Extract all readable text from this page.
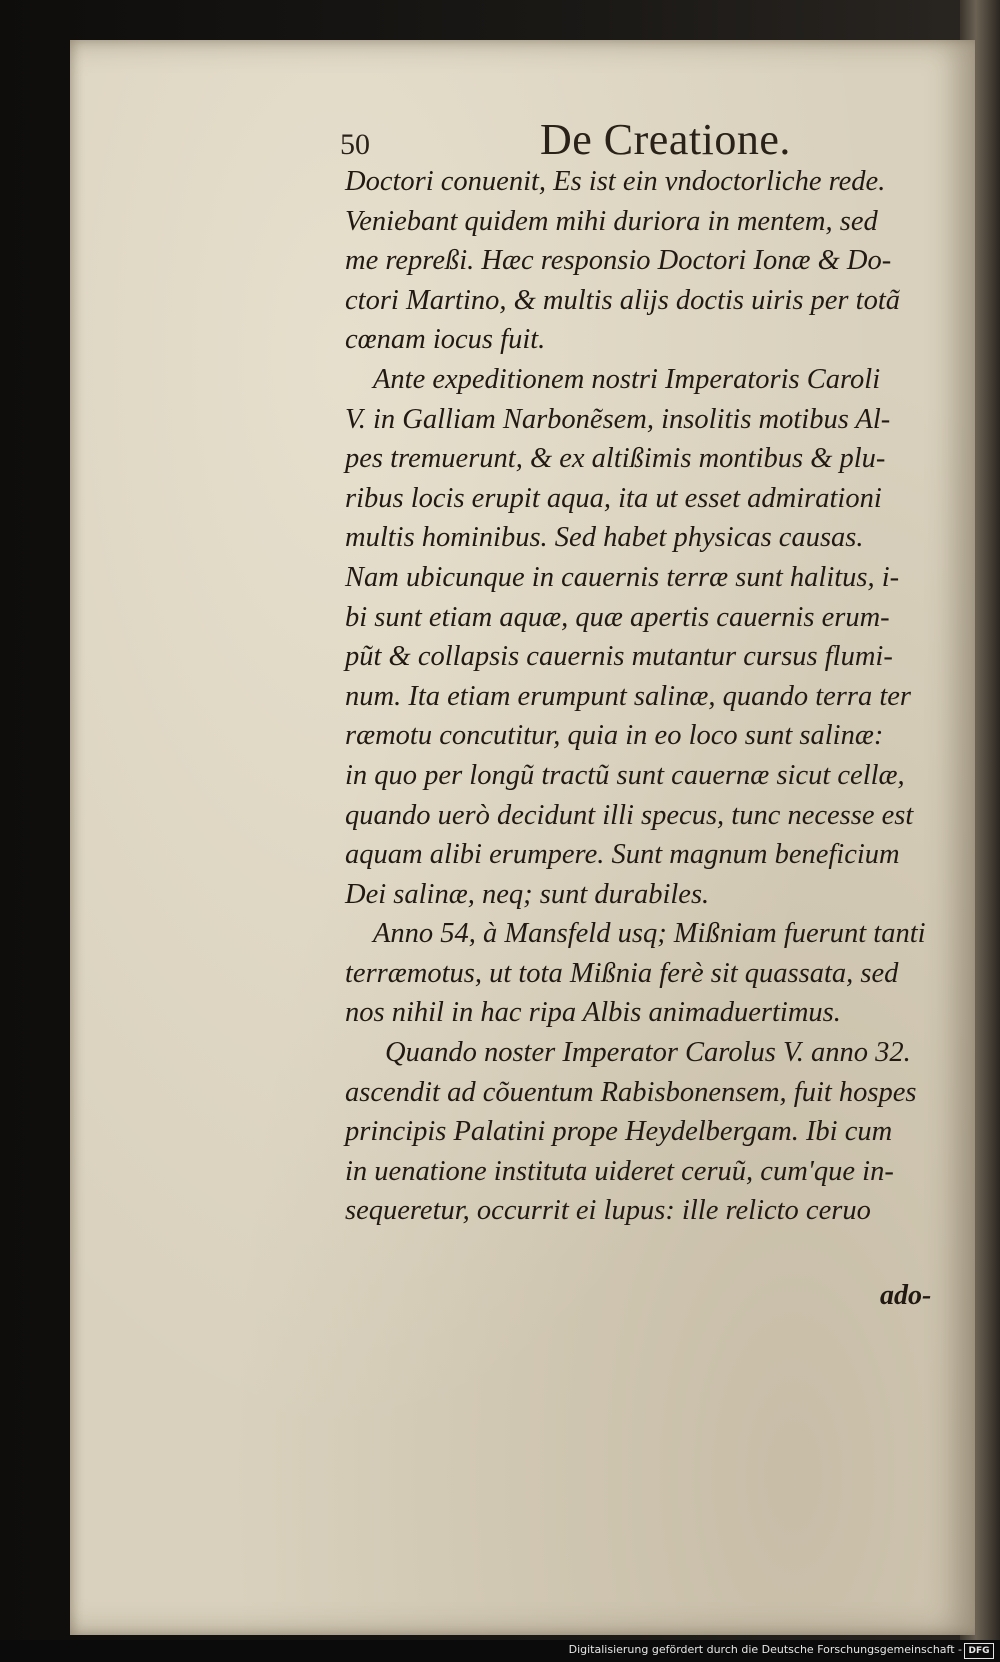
50	De Creatione.
Doctori conuenit, Es ist ein vndoctorliche rede.
Veniebant quidem mihi duriora in mentem, sed
me repreßi. Hæc responsio Doctori Ionæ & Do-
ctori Martino, & multis alijs doctis uiris per totã
cœnam iocus fuit.
Ante expeditionem nostri Imperatoris Caroli
V. in Galliam Narbonẽsem, insolitis motibus Al-
pes tremuerunt, & ex altißimis montibus & plu-
ribus locis erupit aqua, ita ut esset admirationi
multis hominibus. Sed habet physicas causas.
Nam ubicunque in cauernis terræ sunt halitus, i-
bi sunt etiam aquæ, quæ apertis cauernis erum-
pũt & collapsis cauernis mutantur cursus flumi-
num. Ita etiam erumpunt salinæ, quando terra ter
ræmotu concutitur, quia in eo loco sunt salinæ:
in quo per longũ tractũ sunt cauernæ sicut cellæ,
quando uerò decidunt illi specus, tunc necesse est
aquam alibi erumpere. Sunt magnum beneficium
Dei salinæ, neq; sunt durabiles.
Anno 54, à Mansfeld usq; Mißniam fuerunt tanti
terræmotus, ut tota Mißnia ferè sit quassata, sed
nos nihil in hac ripa Albis animaduertimus.
Quando noster Imperator Carolus V. anno 32.
ascendit ad cõuentum Rabisbonensem, fuit hospes
principis Palatini prope Heydelbergam. Ibi cum
in uenatione instituta uideret ceruũ, cum'que in-
sequeretur, occurrit ei lupus: ille relicto ceruo
ado-
Digitalisierung gefördert durch die Deutsche Forschungsgemeinschaft - DFG
